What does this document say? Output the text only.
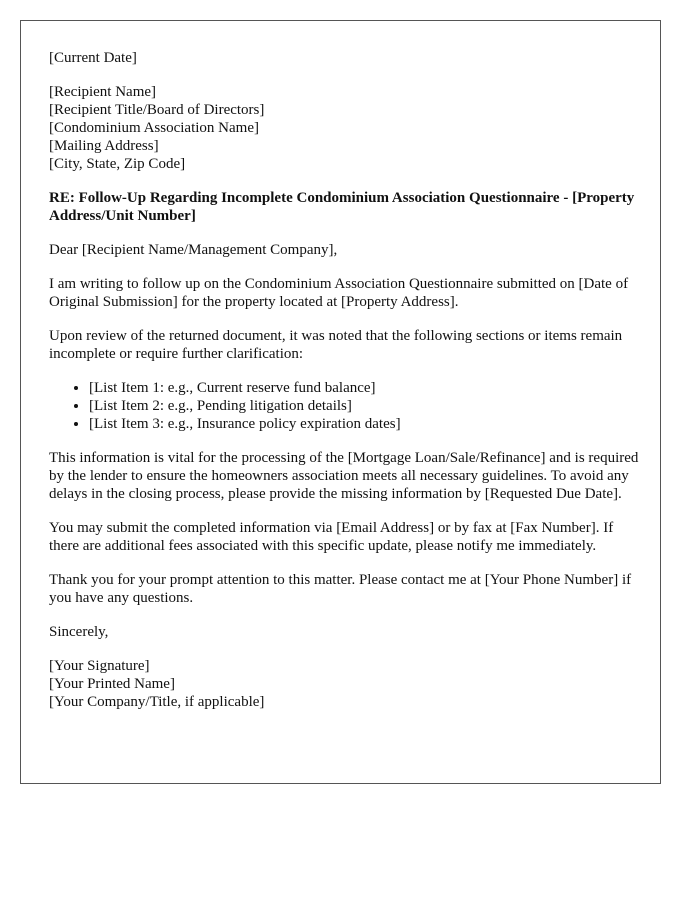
[Current Date]
[Recipient Name]
[Recipient Title/Board of Directors]
[Condominium Association Name]
[Mailing Address]
[City, State, Zip Code]
RE: Follow-Up Regarding Incomplete Condominium Association Questionnaire - [Property Address/Unit Number]
Dear [Recipient Name/Management Company],

I am writing to follow up on the Condominium Association Questionnaire submitted on [Date of Original Submission] for the property located at [Property Address].

Upon review of the returned document, it was noted that the following sections or items remain incomplete or require further clarification:

• [List Item 1: e.g., Current reserve fund balance]
• [List Item 2: e.g., Pending litigation details]
• [List Item 3: e.g., Insurance policy expiration dates]

This information is vital for the processing of the [Mortgage Loan/Sale/Refinance] and is required by the lender to ensure the homeowners association meets all necessary guidelines. To avoid any delays in the closing process, please provide the missing information by [Requested Due Date].

You may submit the completed information via [Email Address] or by fax at [Fax Number]. If there are additional fees associated with this specific update, please notify me immediately.

Thank you for your prompt attention to this matter. Please contact me at [Your Phone Number] if you have any questions.

Sincerely,
[Your Signature]
[Your Printed Name]
[Your Company/Title, if applicable]
